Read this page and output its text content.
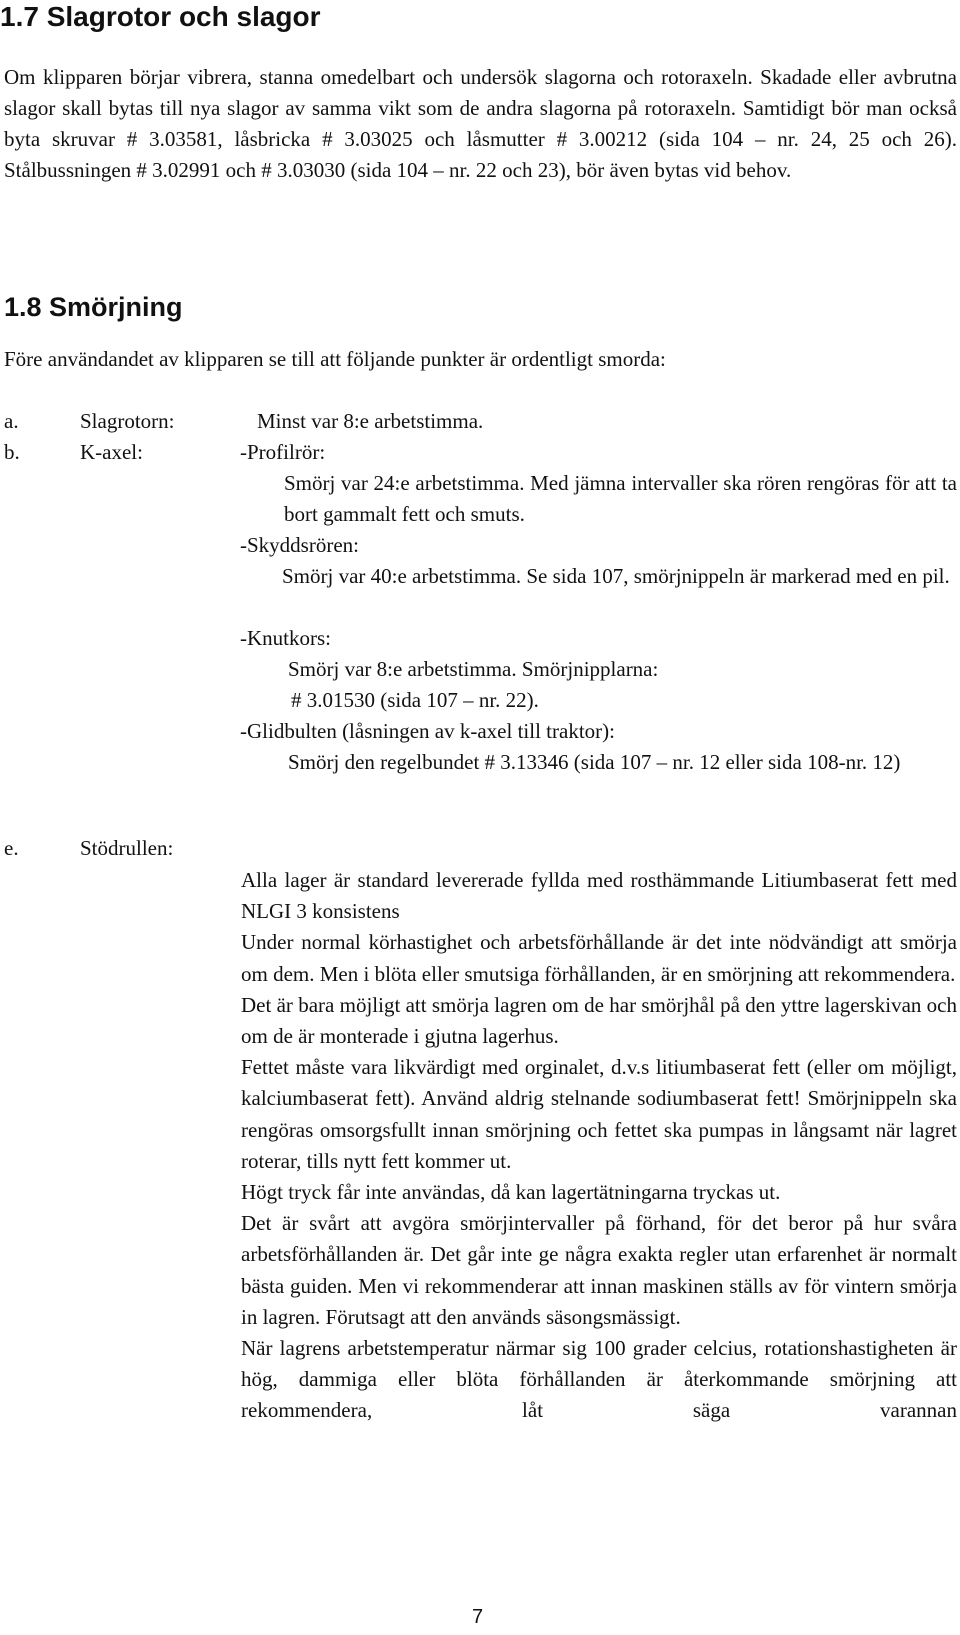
1.7 Slagrotor och slagor

Om klipparen börjar vibrera, stanna omedelbart och undersök slagorna och rotoraxeln. Skadade eller avbrutna slagor skall bytas till nya slagor av samma vikt som de andra slagorna på rotoraxeln. Samtidigt bör man också byta skruvar # 3.03581, låsbricka # 3.03025 och låsmutter # 3.00212 (sida 104 – nr. 24, 25 och 26). Stålbussningen # 3.02991 och # 3.03030 (sida 104 – nr. 22 och 23), bör även bytas vid behov.

1.8 Smörjning

Före användandet av klipparen se till att följande punkter är ordentligt smorda:

a.	Slagrotorn:	Minst var 8:e arbetstimma.
b.	K-axel:	-Profilrör:

Smörj var 24:e arbetstimma. Med jämna intervaller ska rören rengöras för att ta bort gammalt fett och smuts.

-Skyddsrören:

Smörj var 40:e arbetstimma. Se sida 107, smörjnippeln är markerad med en pil.

-Knutkors:
Smörj var 8:e arbetstimma. Smörjnipplarna:
# 3.01530 (sida 107 – nr. 22).
-Glidbulten (låsningen av k-axel till traktor):

Smörj den regelbundet # 3.13346 (sida 107 – nr. 12 eller sida 108-nr. 12)

e.	Stödrullen:

Alla lager är standard levererade fyllda med rosthämmande Litiumbaserat fett med NLGI 3 konsistens

Under normal körhastighet och arbetsförhållande är det inte nödvändigt att smörja om dem. Men i blöta eller smutsiga förhållanden, är en smörjning att rekommendera.

Det är bara möjligt att smörja lagren om de har smörjhål på den yttre lagerskivan och om de är monterade i gjutna lagerhus.

Fettet måste vara likvärdigt med orginalet, d.v.s litiumbaserat fett (eller om möjligt, kalciumbaserat fett). Använd aldrig stelnande sodiumbaserat fett! Smörjnippeln ska rengöras omsorgsfullt innan smörjning och fettet ska pumpas in långsamt när lagret roterar, tills nytt fett kommer ut.

Högt tryck får inte användas, då kan lagertätningarna tryckas ut.

Det är svårt att avgöra smörjintervaller på förhand, för det beror på hur svåra arbetsförhållanden är. Det går inte ge några exakta regler utan erfarenhet är normalt bästa guiden. Men vi rekommenderar att innan maskinen ställs av för vintern smörja in lagren. Förutsagt att den används säsongsmässigt.

När lagrens arbetstemperatur närmar sig 100 grader celcius, rotationshastigheten är hög, dammiga eller blöta förhållanden är återkommande smörjning att rekommendera, låt säga varannan

7
